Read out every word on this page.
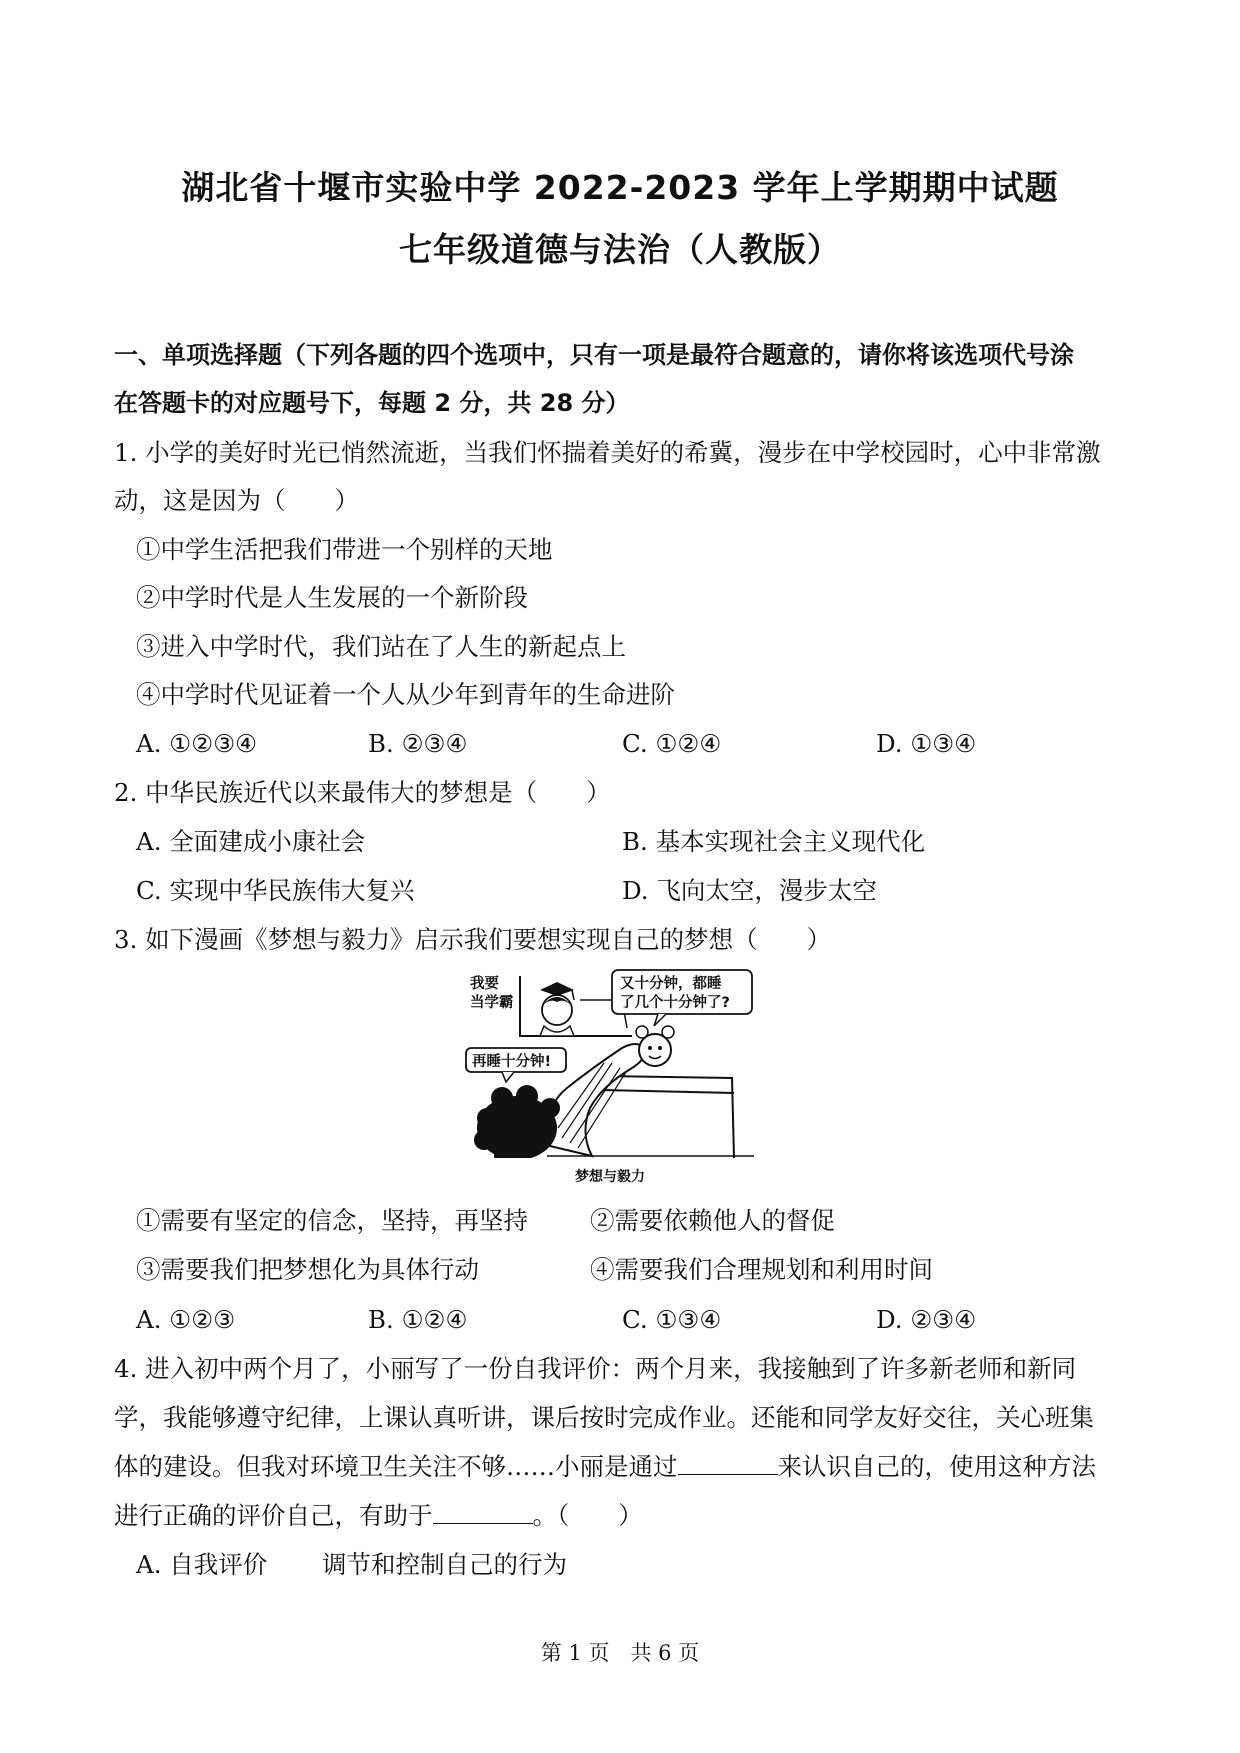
湖北省十堰市实验中学 2022-2023 学年上学期期中试题
七年级道德与法治（人教版）
一、单项选择题（下列各题的四个选项中，只有一项是最符合题意的，请你将该选项代号涂
在答题卡的对应题号下，每题 2 分，共 28 分）
1. 小学的美好时光已悄然流逝，当我们怀揣着美好的希冀，漫步在中学校园时，心中非常激
动，这是因为（　　）
①中学生活把我们带进一个别样的天地
②中学时代是人生发展的一个新阶段
③进入中学时代，我们站在了人生的新起点上
④中学时代见证着一个人从少年到青年的生命进阶
A. ①②③④	B. ②③④	C. ①②④	D. ①③④
2. 中华民族近代以来最伟大的梦想是（　　）
A. 全面建成小康社会	B. 基本实现社会主义现代化
C. 实现中华民族伟大复兴	D. 飞向太空，漫步太空
3. 如下漫画《梦想与毅力》启示我们要想实现自己的梦想（　　）
我要
当学霸
又十分钟，都睡
了几个十分钟了?
再睡十分钟!
梦想与毅力
①需要有坚定的信念，坚持，再坚持	②需要依赖他人的督促
③需要我们把梦想化为具体行动	④需要我们合理规划和利用时间
A. ①②③	B. ①②④	C. ①③④	D. ②③④
4. 进入初中两个月了，小丽写了一份自我评价：两个月来，我接触到了许多新老师和新同
学，我能够遵守纪律，上课认真听讲，课后按时完成作业。还能和同学友好交往，关心班集
体的建设。但我对环境卫生关注不够……小丽是通过	来认识自己的，使用这种方法
进行正确的评价自己，有助于	。（　　）
A. 自我评价 调节和控制自己的行为
第 1 页　共 6 页
